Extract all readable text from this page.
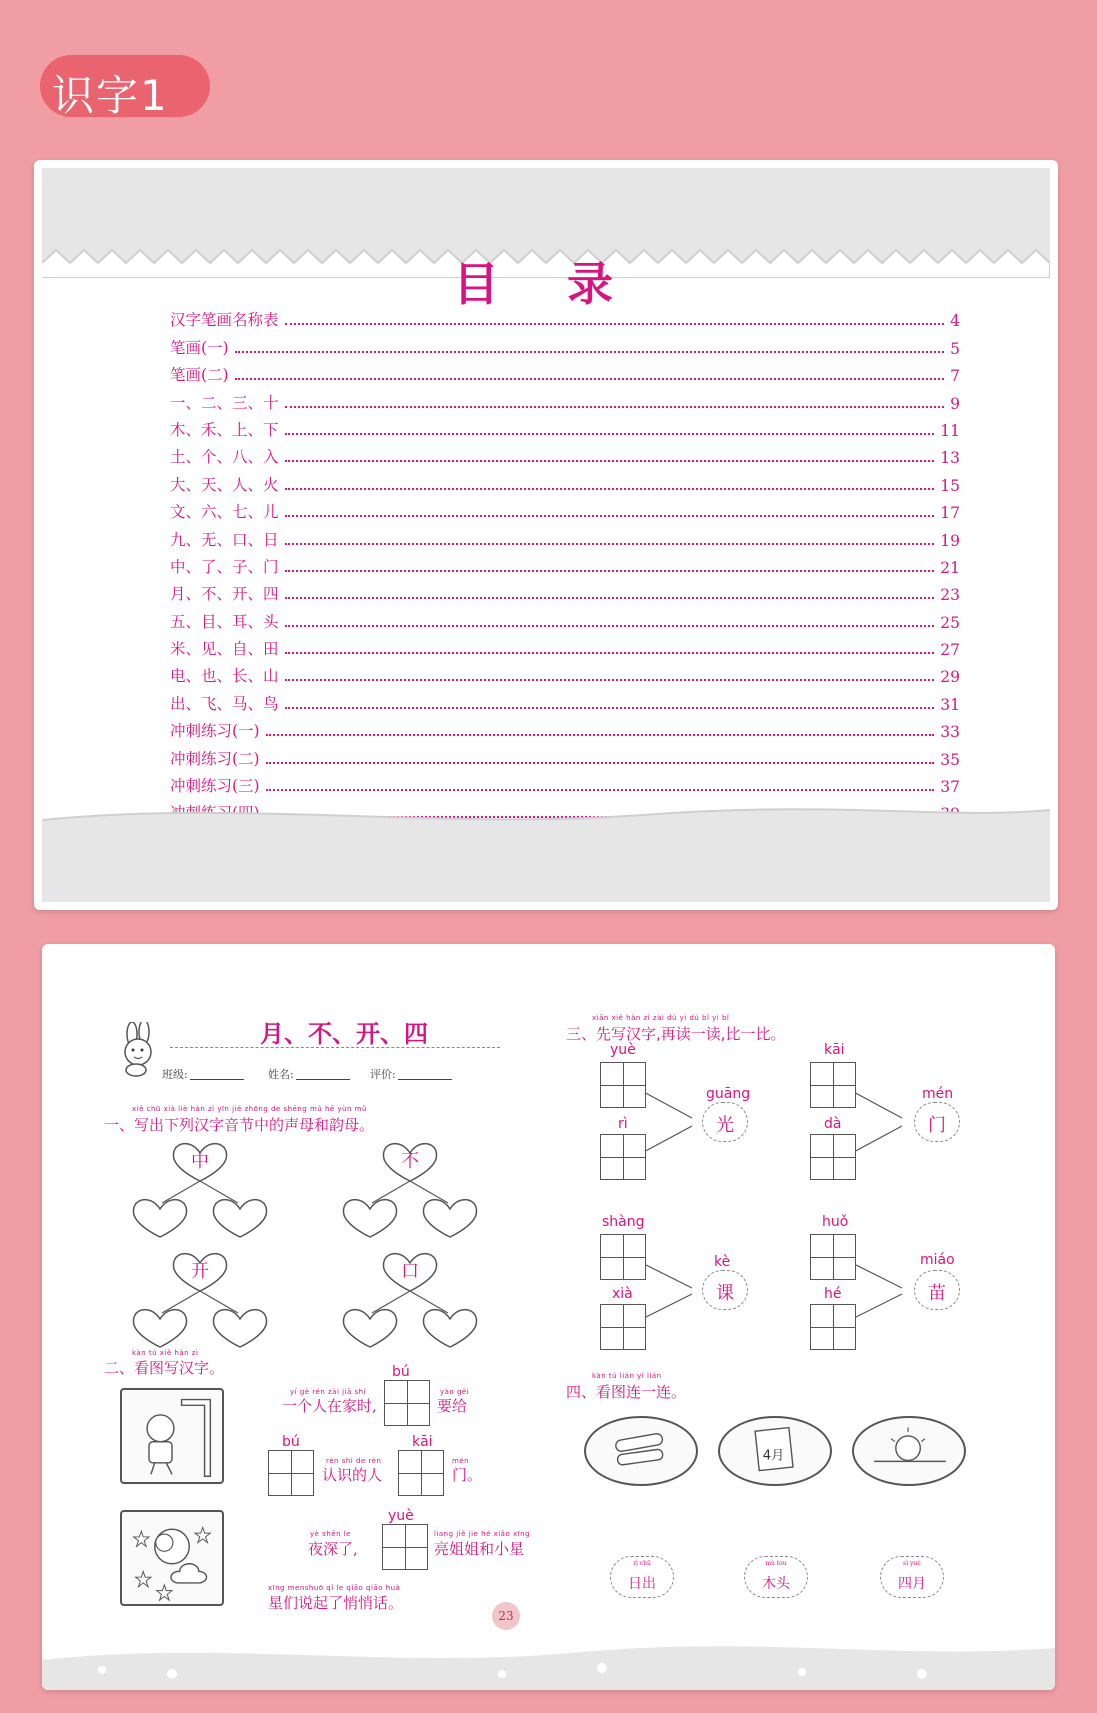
识字1
目 录
汉字笔画名称表	4
笔画(一)	5
笔画(二)	7
一、二、三、十	9
木、禾、上、下	11
土、个、八、入	13
大、天、人、火	15
文、六、七、儿	17
九、无、口、日	19
中、了、子、门	21
月、不、开、四	23
五、目、耳、头	25
米、见、自、田	27
电、也、长、山	29
出、飞、马、鸟	31
冲刺练习(一)	33
冲刺练习(二)	35
冲刺练习(三)	37
月、不、开、四
班级:	姓名:	评价:
xiě chū xià liè hàn zì yīn jié zhōng de shēng mǔ hé yùn mǔ
一、写出下列汉字音节中的声母和韵母。
中	不
开	口
kàn tú xiě hàn zì
二、看图写汉字。	bú
yí gè rén zài jiā shí
一个人在家时,
yào gěi
要给
bú
rèn shi de rén
认识的人
kāi
mén
门。
yuè
yè shēn le
夜深了,
liang jiě jie hé xiǎo xīng
亮姐姐和小星
xīng menshuō qǐ le qiāo qiāo huà
星们说起了悄悄话。
xiān xiě hàn zì zài dú yi dú bǐ yi bǐ
三、先写汉字,再读一读,比一比。
yuè
rì
guāng
光
kāi
dà
mén
门
shàng
xià
kè
课
huǒ
hé
miáo
苗
kàn tú lián yi lián
四、看图连一连。
4月
rì chū
日出
mù tou
木头
sì yuè
四月
23
